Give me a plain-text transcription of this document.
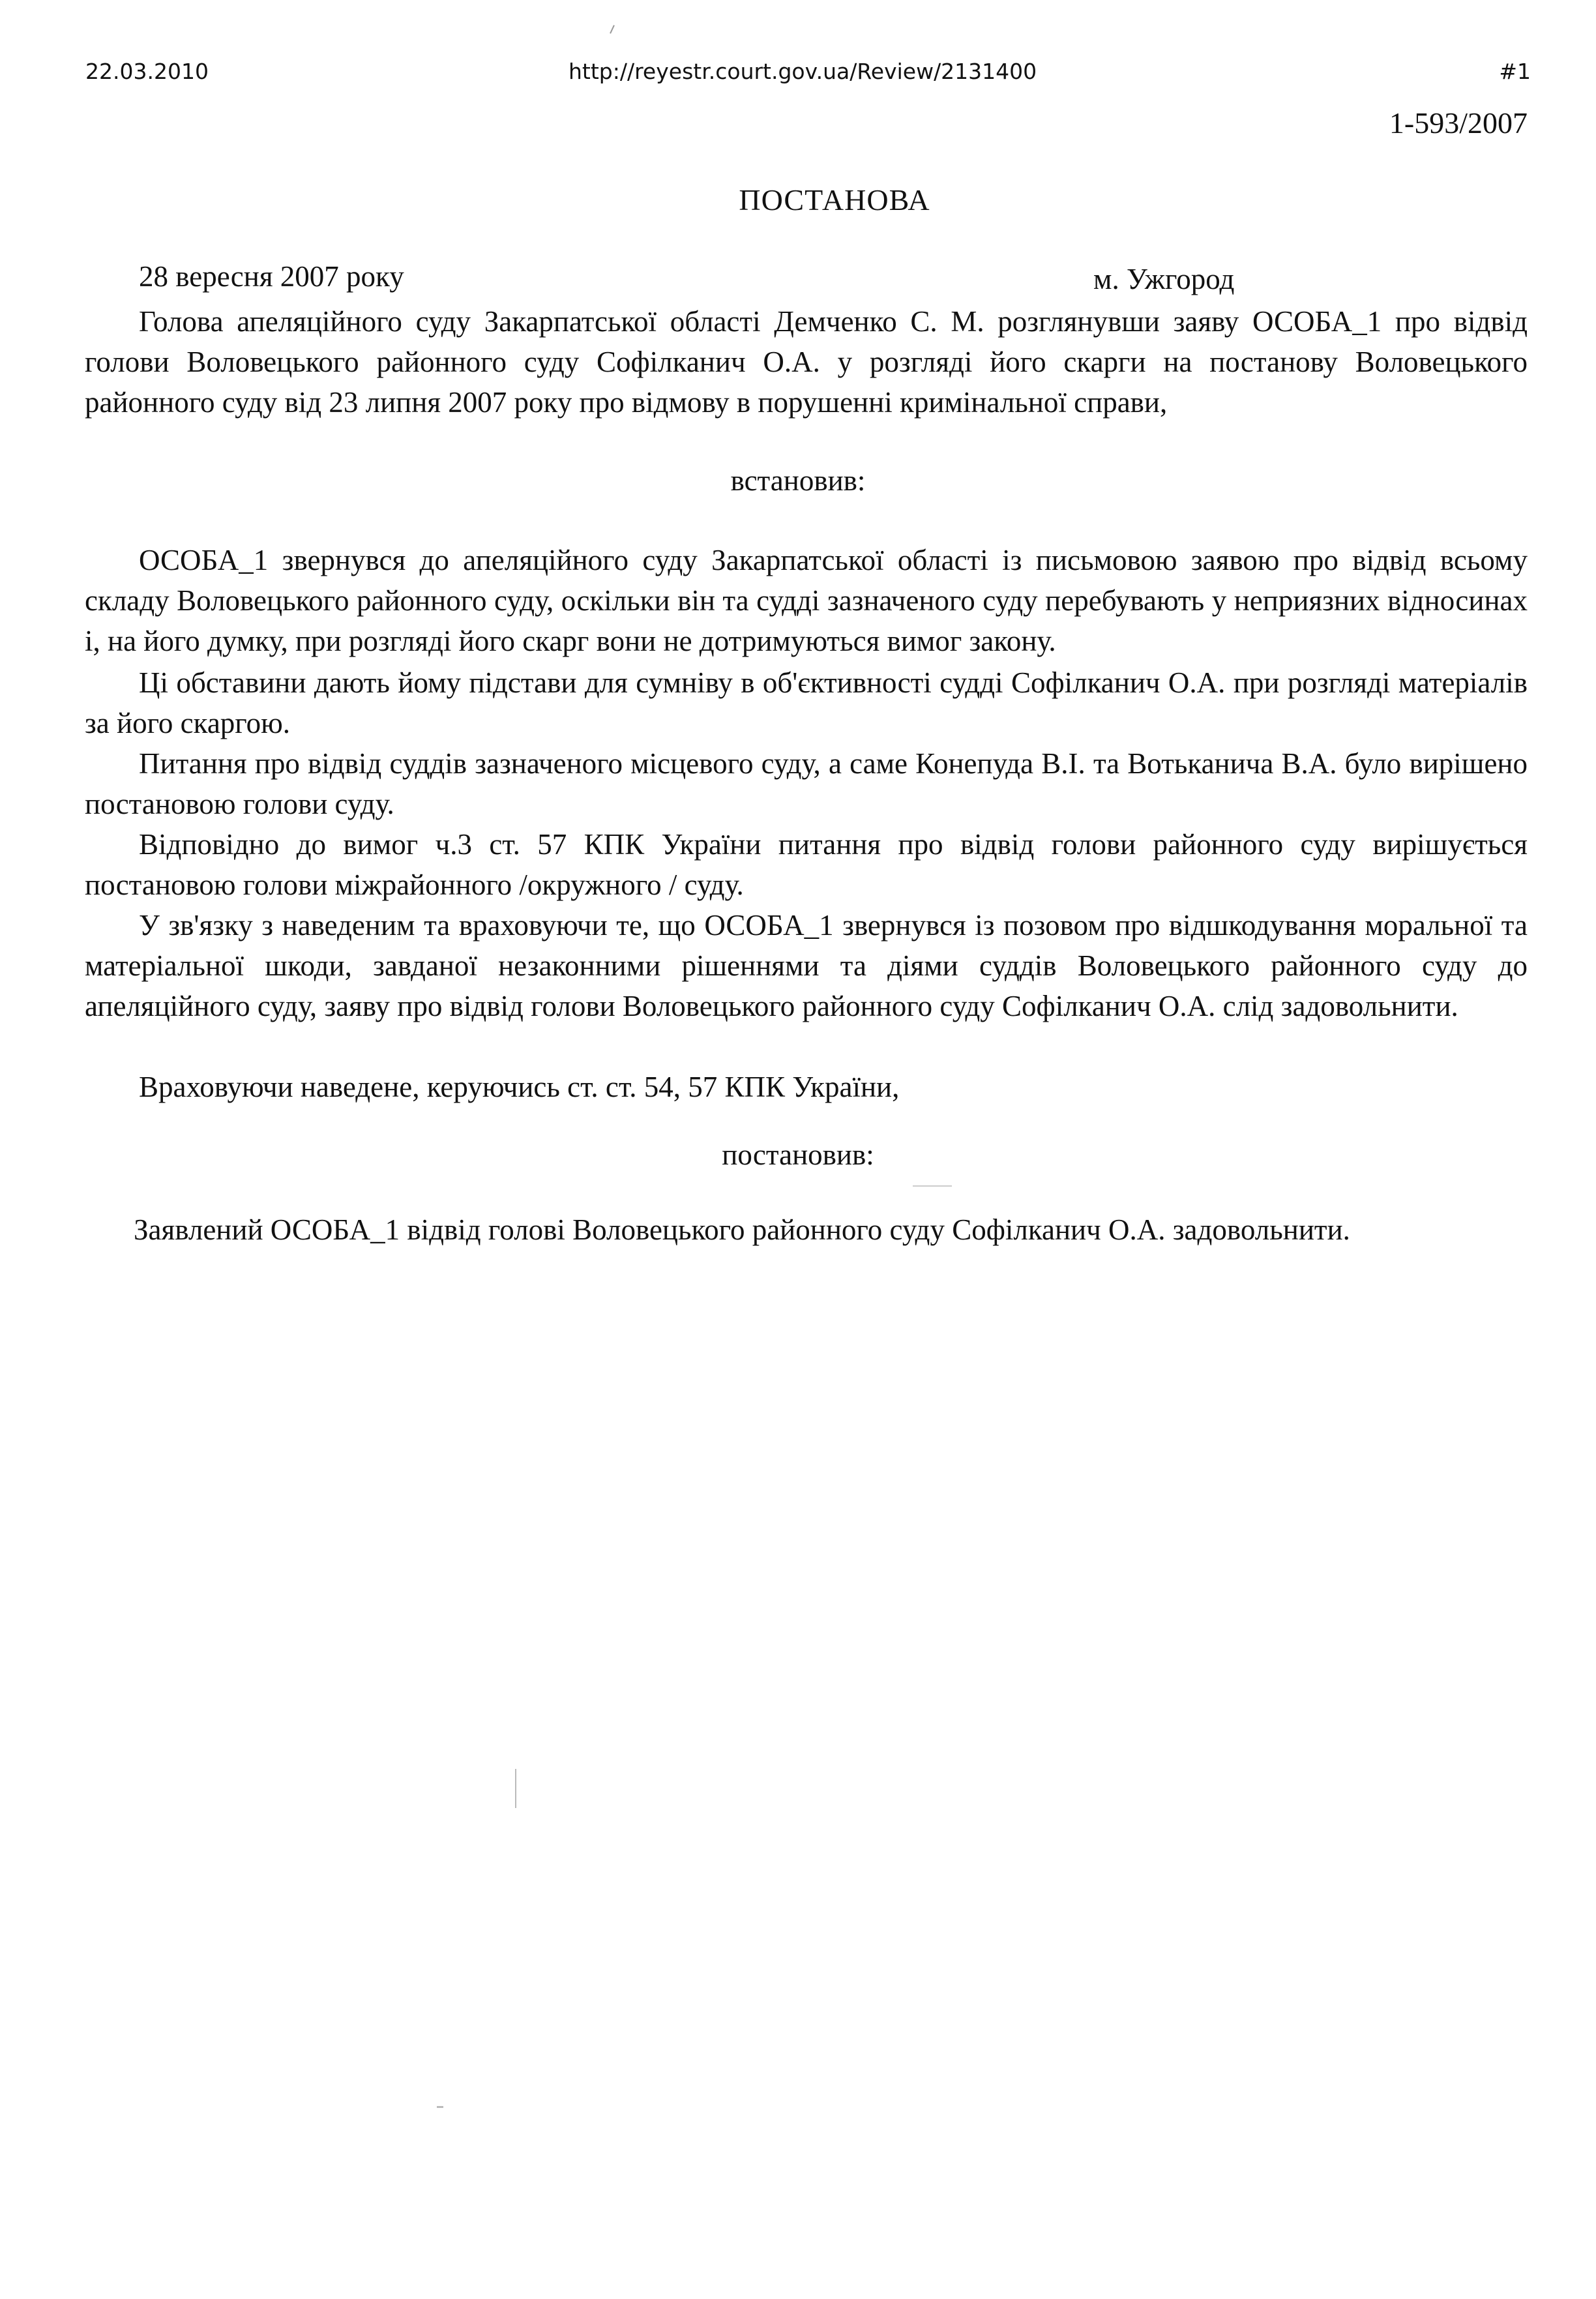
22.03.2010	http://reyestr.court.gov.ua/Review/2131400	#1
1-593/2007
ПОСТАНОВА
28 вересня 2007 року	м. Ужгород
Голова апеляційного суду Закарпатської області Демченко С. М. розглянувши заяву ОСОБА_1 про відвід голови Воловецького районного суду Софілканич О.А. у розгляді його скарги на постанову Воловецького районного суду від 23 липня 2007 року про відмову в порушенні кримінальної справи,
встановив:
ОСОБА_1 звернувся до апеляційного суду Закарпатської області із письмовою заявою про відвід всьому складу Воловецького районного суду, оскільки він та судді зазначеного суду перебувають у неприязних відносинах і, на його думку, при розгляді його скарг вони не дотримуються вимог закону.
Ці обставини дають йому підстави для сумніву в об'єктивності судді Софілканич О.А. при розгляді матеріалів за його скаргою.
Питання про відвід суддів зазначеного місцевого суду, а саме Конепуда В.І. та Вотьканича В.А. було вирішено постановою голови суду.
Відповідно до вимог ч.3 ст. 57 КПК України питання про відвід голови районного суду вирішується постановою голови міжрайонного /окружного / суду.
У зв'язку з наведеним та враховуючи те, що ОСОБА_1 звернувся із позовом про відшкодування моральної та матеріальної шкоди, завданої незаконними рішеннями та діями суддів Воловецького районного суду до апеляційного суду, заяву про відвід голови Воловецького районного суду Софілканич О.А. слід задовольнити.
Враховуючи наведене, керуючись ст. ст. 54, 57 КПК України,
постановив:
Заявлений ОСОБА_1 відвід голові Воловецького районного суду Софілканич О.А. задовольнити.
